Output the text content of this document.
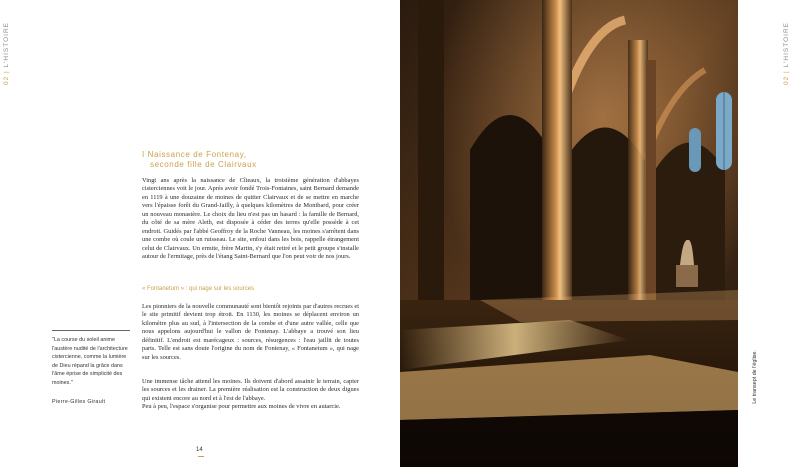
02 | L'HISTOIRE
I Naissance de Fontenay,
seconde fille de Clairvaux

Vingt ans après la naissance de Cîteaux, la troisième génération d'abbayes cisterciennes voit le jour. Après avoir fondé Trois-Fontaines, saint Bernard demande en 1119 à une douzaine de moines de quitter Clairvaux et de se mettre en marche vers l'épaisse forêt du Grand-Jailly, à quelques kilomètres de Montbard, pour créer un nouveau monastère. Le choix du lieu n'est pas un hasard : la famille de Bernard, du côté de sa mère Aleth, est disposée à céder des terres qu'elle possède à cet endroit. Guidés par l'abbé Geoffroy de la Roche Vanneau, les moines s'arrêtent dans une combe où coule un ruisseau. Le site, enfoui dans les bois, rappelle étrangement celui de Clairvaux. Un ermite, frère Martin, s'y était retiré et le petit groupe s'installe autour de l'ermitage, près de l'étang Saint-Bernard que l'on peut voir de nos jours.

« Fontanetum » : qui nage sur les sources

Les pionniers de la nouvelle communauté sont bientôt rejoints par d'autres recrues et le site primitif devient trop étroit. En 1130, les moines se déplacent environ un kilomètre plus au sud, à l'intersection de la combe et d'une autre vallée, celle que nous appelons aujourd'hui le vallon de Fontenay. L'abbaye a trouvé son lieu définitif. L'endroit est marécageux : sources, résurgences : l'eau jaillit de toutes parts. Telle est sans doute l'origine du nom de Fontenay, « Fontanetum », qui nage sur les sources.

Une immense tâche attend les moines. Ils doivent d'abord assainir le terrain, capter les sources et les drainer. La première réalisation est la construction de deux digues qui existent encore au nord et à l'est de l'abbaye.

Peu à peu, l'espace s'organise pour permettre aux moines de vivre en autarcie.

"La course du soleil anime l'austère nudité de l'architecture cistercienne, comme la lumière de Dieu répand la grâce dans l'âme éprise de simplicité des moines."
Pierre-Gilles Girault
14
Le transept de l'église.
02 | L'HISTOIRE
